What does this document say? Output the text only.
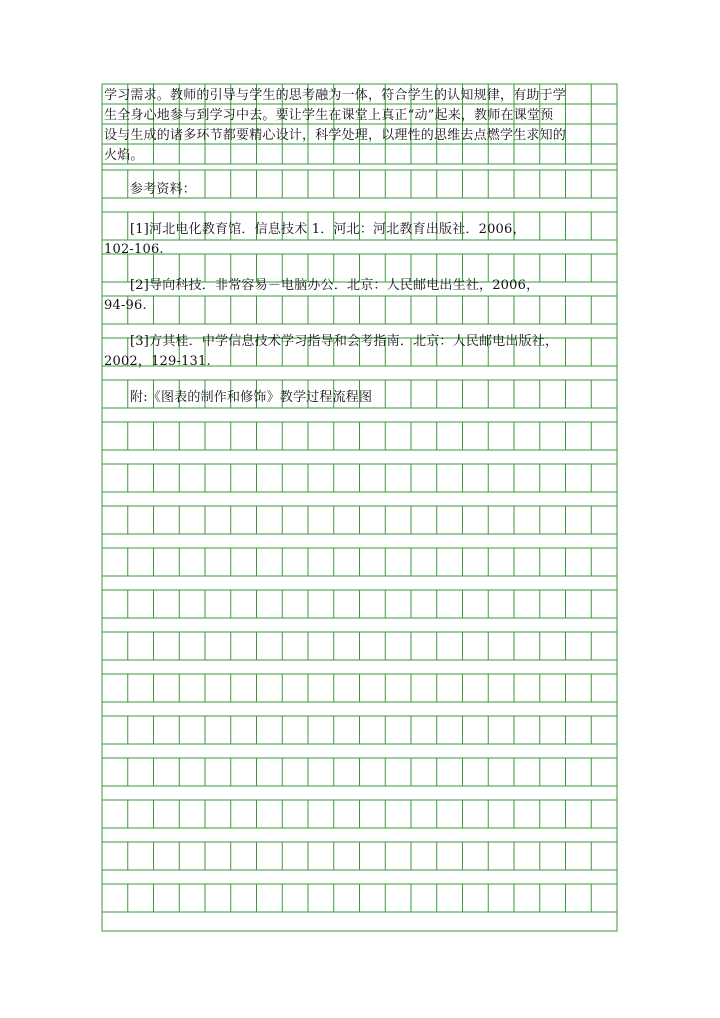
学习需求。教师的引导与学生的思考融为一体，符合学生的认知规律，有助于学
生全身心地参与到学习中去。要让学生在课堂上真正“动”起来，教师在课堂预
设与生成的诸多环节都要精心设计，科学处理，以理性的思维去点燃学生求知的
火焰。
参考资料：
[1]河北电化教育馆．信息技术 1．河北：河北教育出版社．2006，
102-106.
[2]导向科技．非常容易－电脑办公．北京：人民邮电出生社，2006，
94-96.
[3]方其桂．中学信息技术学习指导和会考指南．北京：人民邮电出版社，
2002，129-131.
附:《图表的制作和修饰》教学过程流程图
